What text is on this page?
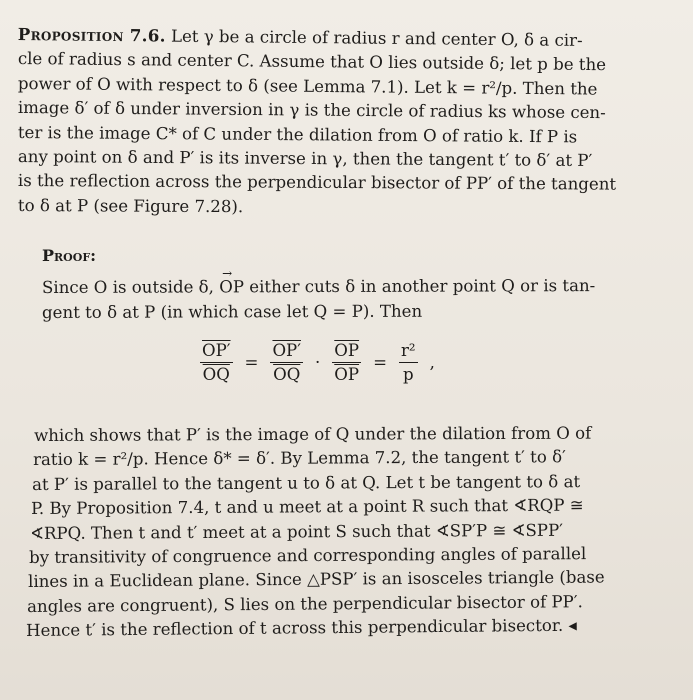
Proposition 7.6. Let γ be a circle of radius r and center O, δ a cir-
cle of radius s and center C. Assume that O lies outside δ; let p be the
power of O with respect to δ (see Lemma 7.1). Let k = r²/p. Then the
image δ′ of δ under inversion in γ is the circle of radius ks whose cen-
ter is the image C* of C under the dilation from O of ratio k. If P is
any point on δ and P′ is its inverse in γ, then the tangent t′ to δ′ at P′
is the reflection across the perpendicular bisector of PP′ of the tangent
to δ at P (see Figure 7.28).
Proof:
Since O is outside δ, → OP either cuts δ in another point Q or is tan-
gent to δ at P (in which case let Q = P). Then
$\frac{OP'}{OQ} = \frac{OP'}{OQ} \cdot \frac{\overline{OP}}{OP} = \frac{\text{r²}}{p}$ ,
which shows that P′ is the image of Q under the dilation from O of
ratio k = r²/p. Hence δ* = δ′. By Lemma 7.2, the tangent t′ to δ′
at P′ is parallel to the tangent u to δ at Q. Let t be tangent to δ at
P. By Proposition 7.4, t and u meet at a point R such that ∢RQP ≅
∢RPQ. Then t and t′ meet at a point S such that ∢SP′P ≅ ∢SPP′
by transitivity of congruence and corresponding angles of parallel
lines in a Euclidean plane. Since △PSP′ is an isosceles triangle (base
angles are congruent), S lies on the perpendicular bisector of PP′.
Hence t′ is the reflection of t across this perpendicular bisector. ◂
